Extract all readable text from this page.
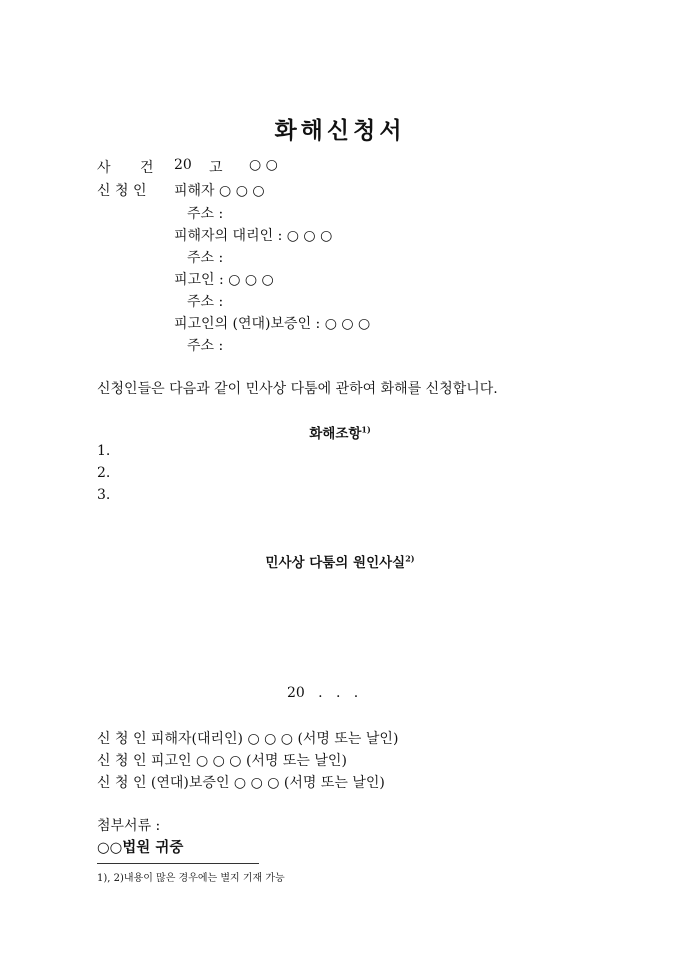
화해신청서
사 건 20 고 ○ ○
신 청 인 피해자 ○ ○ ○
주소 :
피해자의 대리인 : ○ ○ ○
주소 :
피고인 : ○ ○ ○
주소 :
피고인의 (연대)보증인 : ○ ○ ○
주소 :
신청인들은 다음과 같이 민사상 다툼에 관하여 화해를 신청합니다.
화해조항$^{1)}$
1.
2.
3.
민사상 다툼의 원인사실$^{2)}$
20   .   .   .
신 청 인 피해자(대리인) ○ ○ ○ (서명 또는 날인)
신 청 인 피고인 ○ ○ ○ (서명 또는 날인)
신 청 인 (연대)보증인 ○ ○ ○ (서명 또는 날인)
첨부서류 :
○○법원 귀중
1), 2)내용이 많은 경우에는 별지 기재 가능
